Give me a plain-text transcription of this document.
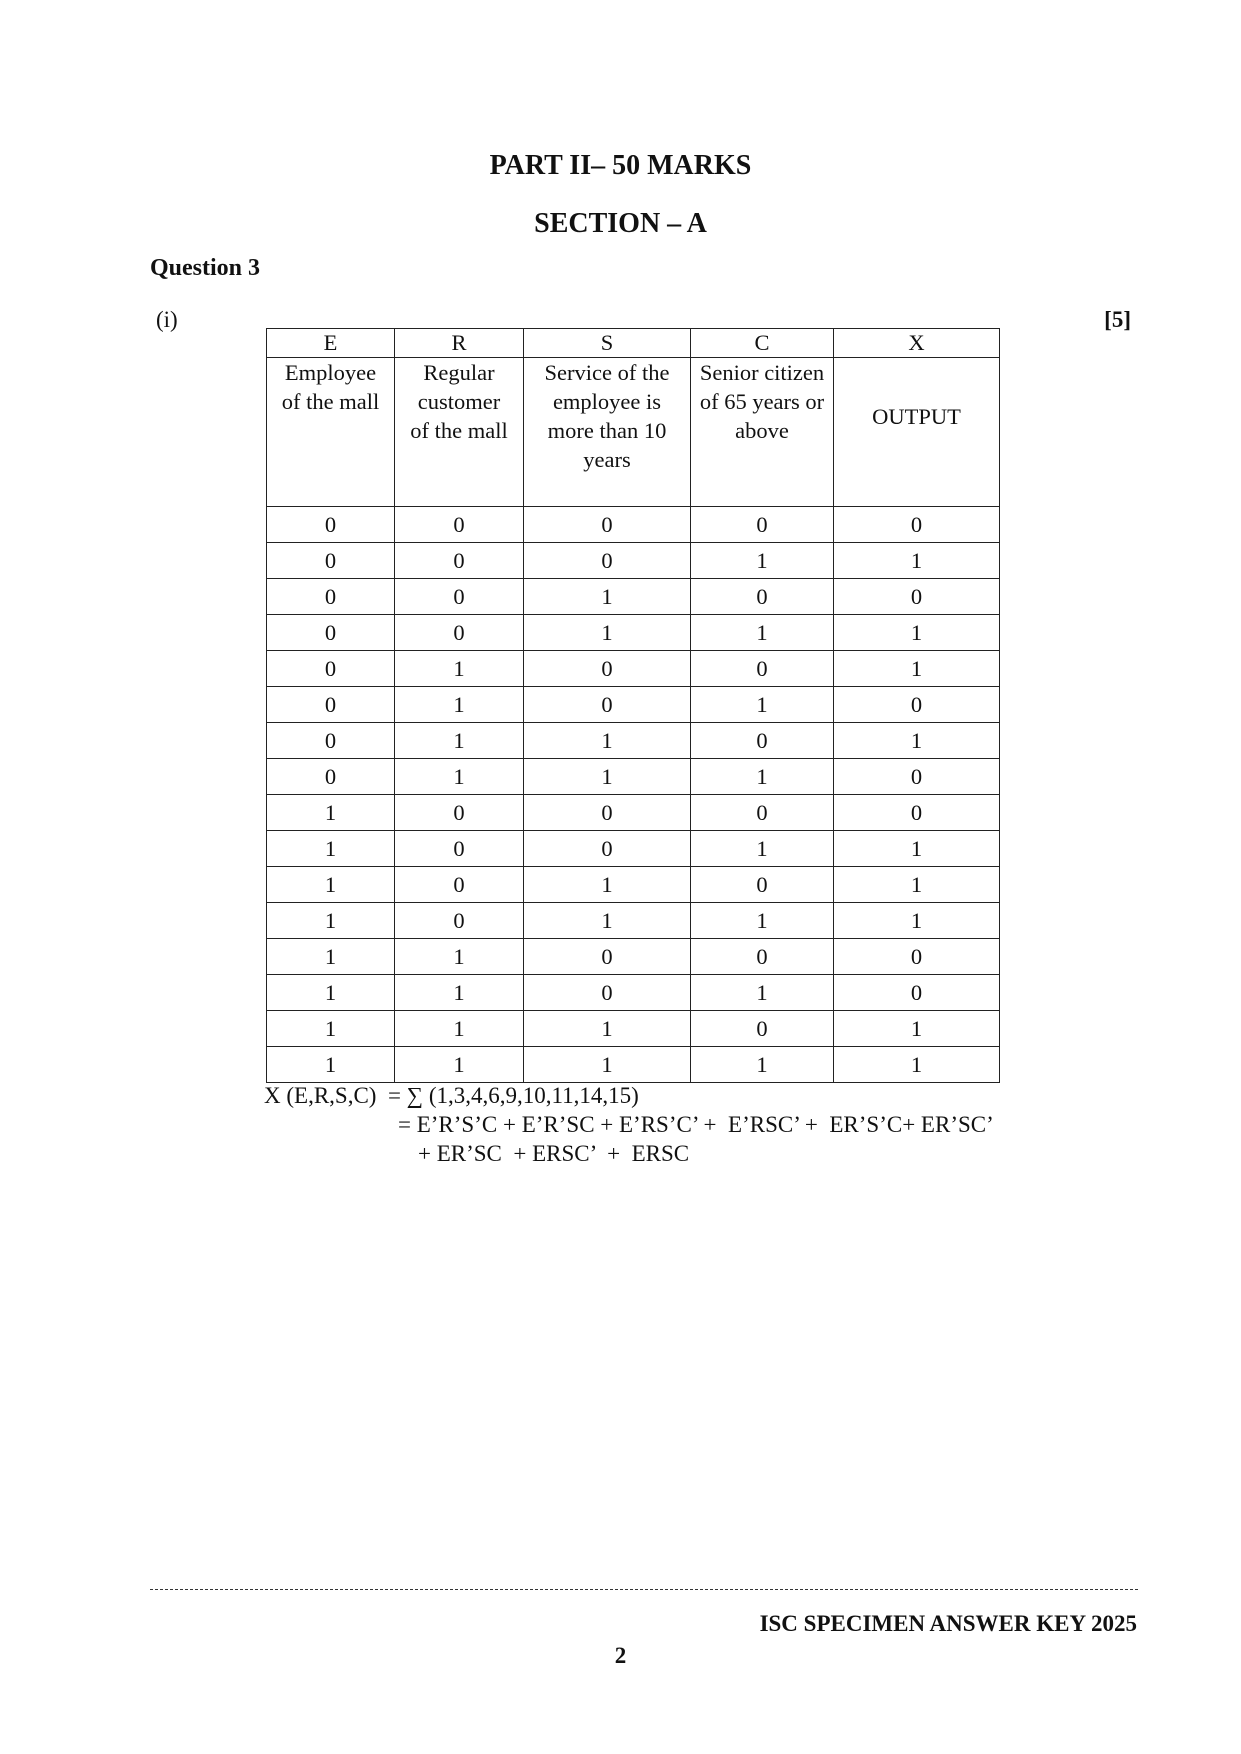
PART II– 50 MARKS
SECTION – A
Question 3
(i)	[5]
E	R	S	C	X
Employee of the mall	Regular customer of the mall	Service of the employee is more than 10 years	Senior citizen of 65 years or above	OUTPUT
0	0	0	0	0
0	0	0	1	1
0	0	1	0	0
0	0	1	1	1
0	1	0	0	1
0	1	0	1	0
0	1	1	0	1
0	1	1	1	0
1	0	0	0	0
1	0	0	1	1
1	0	1	0	1
1	0	1	1	1
1	1	0	0	0
1	1	0	1	0
1	1	1	0	1
1	1	1	1	1
X (E,R,S,C)  = ∑ (1,3,4,6,9,10,11,14,15)
= E’R’S’C + E’R’SC + E’RS’C’ +  E’RSC’ +  ER’S’C+ ER’SC’
+ ER’SC  + ERSC’  +  ERSC
ISC SPECIMEN ANSWER KEY 2025
2
